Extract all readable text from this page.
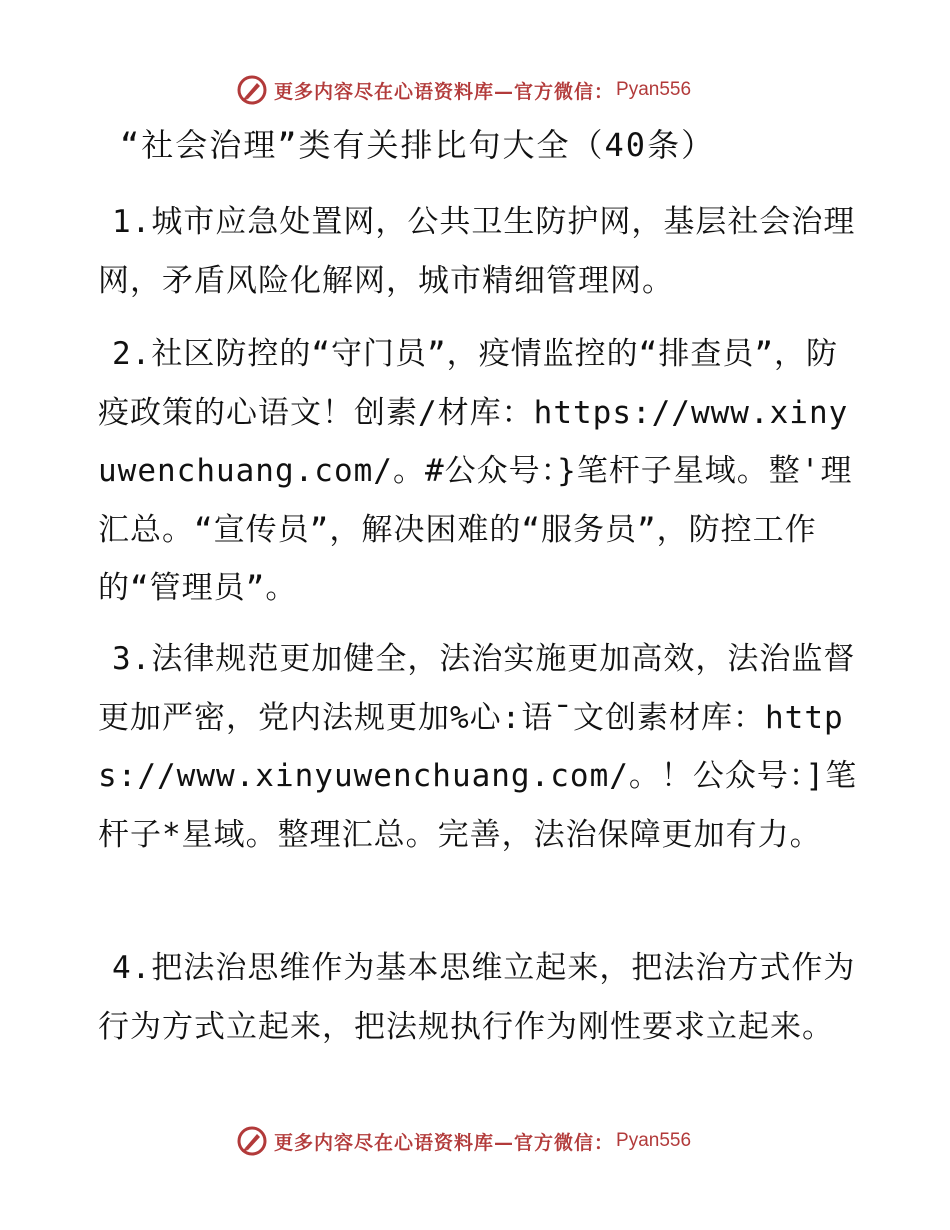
更多内容尽在心语资料库—官方微信： Pyan556
“社会治理”类有关排比句大全（40条）

1.城市应急处置网，公共卫生防护网，基层社会治理网，矛盾风险化解网，城市精细管理网。

2.社区防控的“守门员”，疫情监控的“排查员”，防疫政策的心语文！创素/材库：https://www.xinyuwenchuang.com/。#公众号：}笔杆子星域。整'理汇总。“宣传员”，解决困难的“服务员”，防控工作的“管理员”。

3.法律规范更加健全，法治实施更加高效，法治监督更加严密，党内法规更加%心:语¯文创素材库：https://www.xinyuwenchuang.com/。！公众号：]笔杆子*星域。整理汇总。完善，法治保障更加有力。

4.把法治思维作为基本思维立起来，把法治方式作为行为方式立起来，把法规执行作为刚性要求立起来。

更多内容尽在心语资料库—官方微信： Pyan556
